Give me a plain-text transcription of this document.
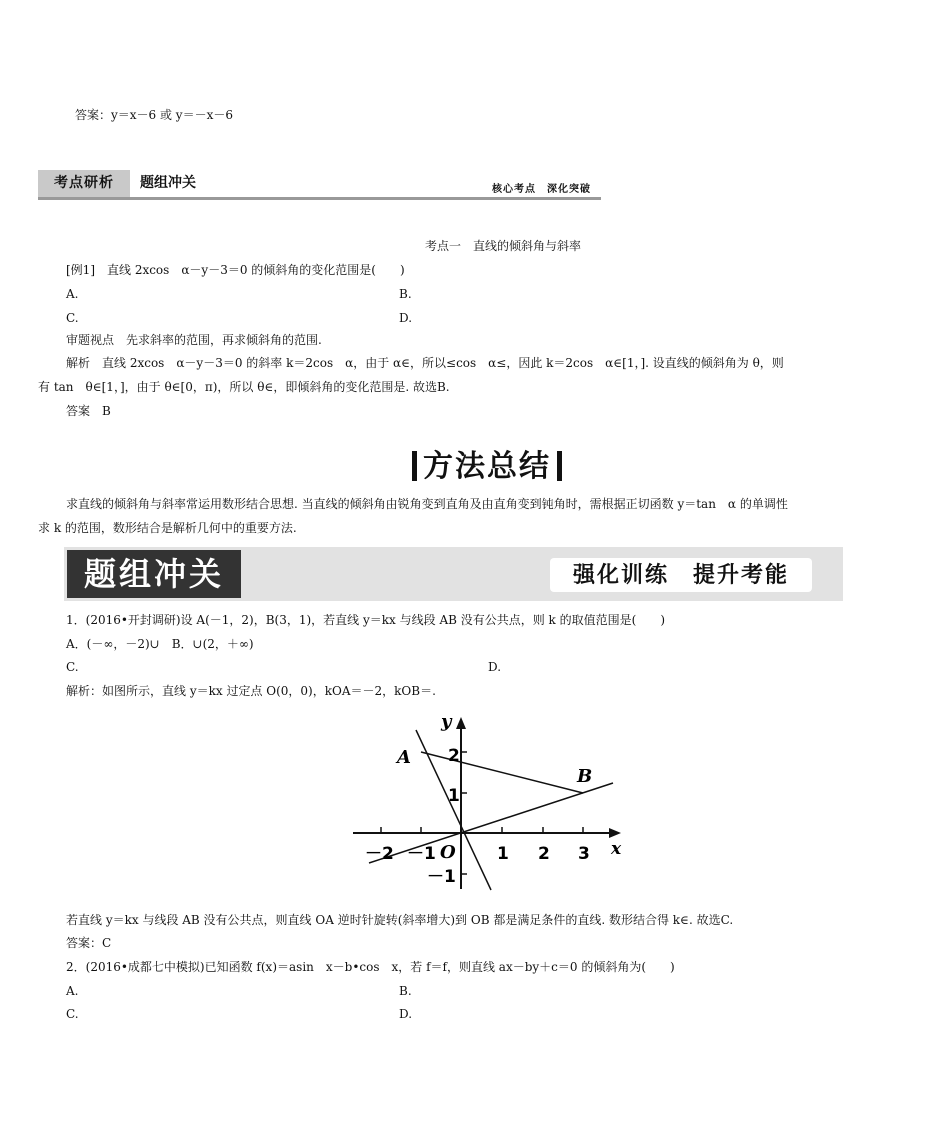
答案：y＝x－6 或 y＝－x－6
考点研析	题组冲关	核心考点　深化突破
考点一　直线的倾斜角与斜率
[例1]　直线 2xcos　α－y－3＝0 的倾斜角的变化范围是(　　)
A.	B.
C.	D.
审题视点　先求斜率的范围，再求倾斜角的范围.
解析　直线 2xcos　α－y－3＝0 的斜率 k＝2cos　α，由于 α∈，所以≤cos　α≤，因此 k＝2cos　α∈[1，]. 设直线的倾斜角为 θ，则
有 tan　θ∈[1，]，由于 θ∈[0，π)，所以 θ∈，即倾斜角的变化范围是. 故选B.
答案　B
方法总结
求直线的倾斜角与斜率常运用数形结合思想. 当直线的倾斜角由锐角变到直角及由直角变到钝角时，需根据正切函数 y＝tan　α 的单调性
求 k 的范围，数形结合是解析几何中的重要方法.
题组冲关	强化训练　提升考能
1．(2016•开封调研)设 A(－1，2)，B(3，1)，若直线 y＝kx 与线段 AB 没有公共点，则 k 的取值范围是(　　)
A．(－∞，－2)∪　B．∪(2，＋∞)
C.	D.
解析：如图所示，直线 y＝kx 过定点 O(0，0)，kOA＝－2，kOB＝.
y
x
O
A
B
－2 －1	1 2 3
2
1
－1
若直线 y＝kx 与线段 AB 没有公共点，则直线 OA 逆时针旋转(斜率增大)到 OB 都是满足条件的直线. 数形结合得 k∈. 故选C.
答案：C
2．(2016•成都七中模拟)已知函数 f(x)＝asin　x－b•cos　x，若 f＝f，则直线 ax－by＋c＝0 的倾斜角为(　　)
A.	B.
C.	D.
